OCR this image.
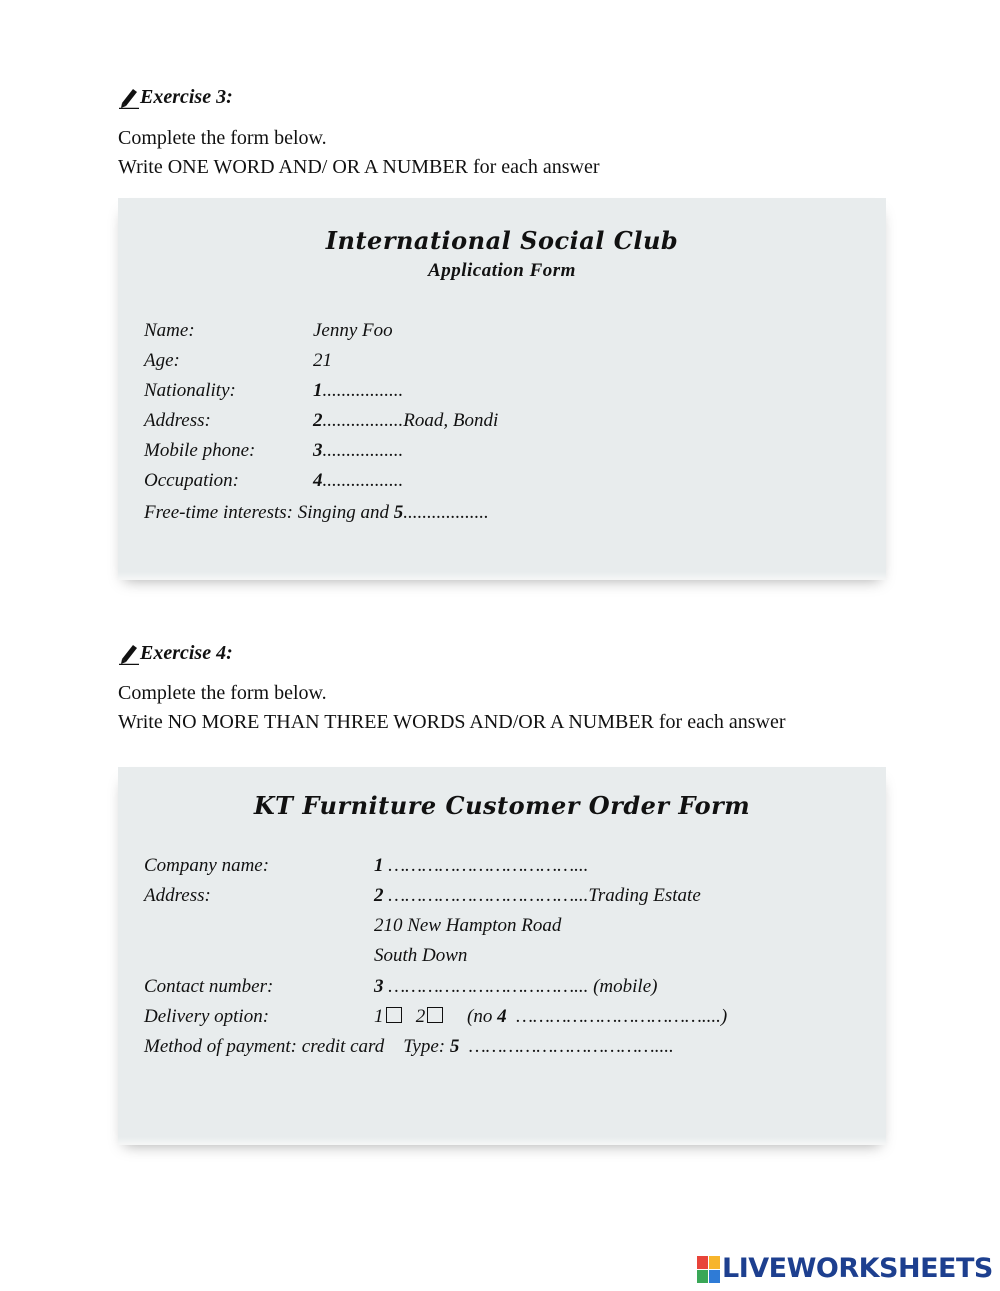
Exercise 3:
Complete the form below.
Write ONE WORD AND/ OR A NUMBER for each answer
International Social Club
Application Form
Name:	Jenny Foo
Age:	21
Nationality:	1.................
Address:	2.................Road, Bondi
Mobile phone:	3.................
Occupation:	4.................
Free-time interests: Singing and 5..................
Exercise 4:
Complete the form below.
Write NO MORE THAN THREE WORDS AND/OR A NUMBER for each answer
KT Furniture Customer Order Form
Company name:	1 ……………………………...
Address:	2 ……………………………...Trading Estate
210 New Hampton Road
South Down
Contact number:	3 ……………………………... (mobile)
Delivery option:	1 2 (no 4 ……………………………....)
Method of payment: credit card Type: 5 ……………………………....
LIVEWORKSHEETS
